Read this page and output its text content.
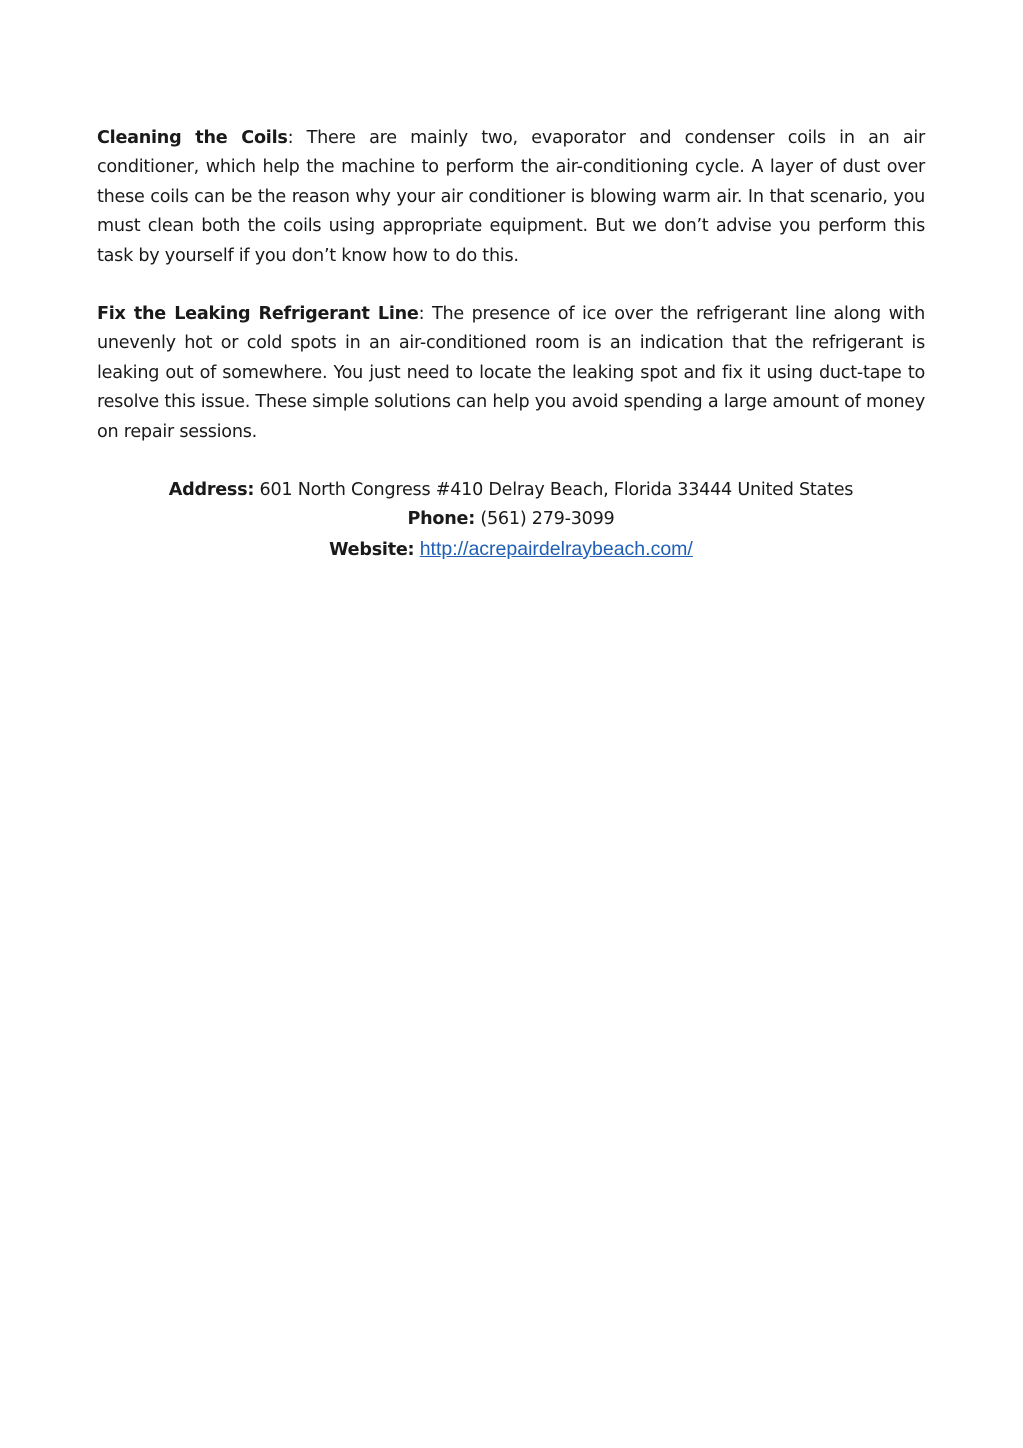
Cleaning the Coils: There are mainly two, evaporator and condenser coils in an air conditioner, which help the machine to perform the air-conditioning cycle. A layer of dust over these coils can be the reason why your air conditioner is blowing warm air. In that scenario, you must clean both the coils using appropriate equipment. But we don’t advise you perform this task by yourself if you don’t know how to do this.

Fix the Leaking Refrigerant Line: The presence of ice over the refrigerant line along with unevenly hot or cold spots in an air-conditioned room is an indication that the refrigerant is leaking out of somewhere. You just need to locate the leaking spot and fix it using duct-tape to resolve this issue. These simple solutions can help you avoid spending a large amount of money on repair sessions.

Address: 601 North Congress #410 Delray Beach, Florida 33444 United States
Phone: (561) 279-3099
Website: http://acrepairdelraybeach.com/
